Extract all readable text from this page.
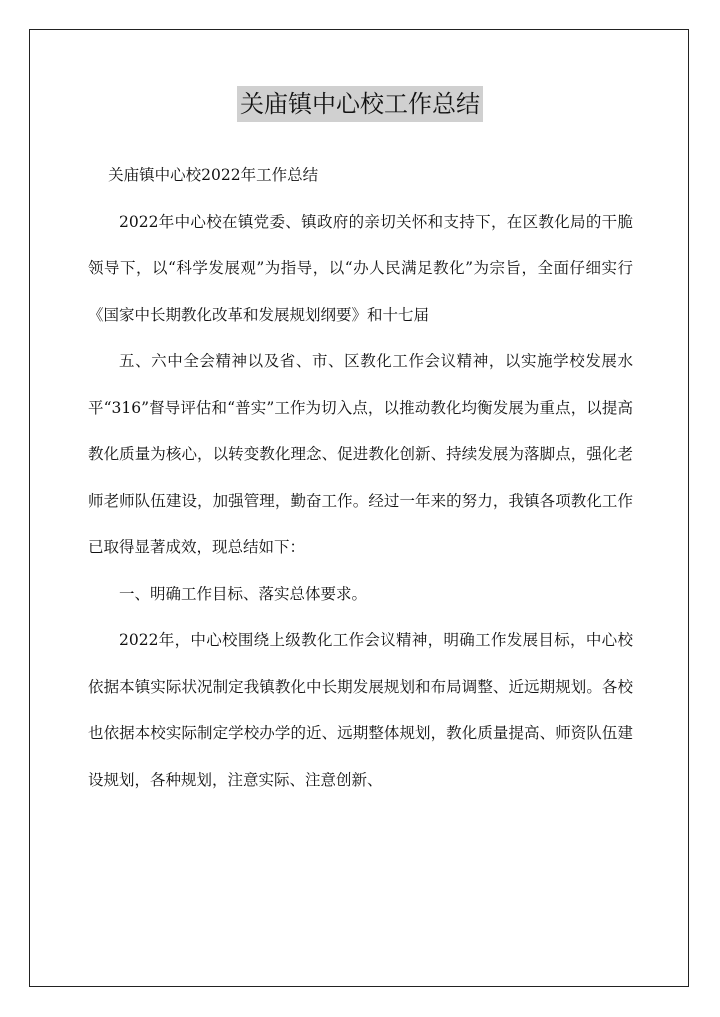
关庙镇中心校工作总结

关庙镇中心校2022年工作总结

2022年中心校在镇党委、镇政府的亲切关怀和支持下，在区教化局的干脆领导下，以“科学发展观”为指导，以“办人民满足教化”为宗旨，全面仔细实行《国家中长期教化改革和发展规划纲要》和十七届

五、六中全会精神以及省、市、区教化工作会议精神，以实施学校发展水平“316”督导评估和“普实”工作为切入点，以推动教化均衡发展为重点，以提高教化质量为核心，以转变教化理念、促进教化创新、持续发展为落脚点，强化老师老师队伍建设，加强管理，勤奋工作。经过一年来的努力，我镇各项教化工作已取得显著成效，现总结如下：

一、明确工作目标、落实总体要求。

2022年，中心校围绕上级教化工作会议精神，明确工作发展目标，中心校依据本镇实际状况制定我镇教化中长期发展规划和布局调整、近远期规划。各校也依据本校实际制定学校办学的近、远期整体规划，教化质量提高、师资队伍建设规划，各种规划，注意实际、注意创新、
